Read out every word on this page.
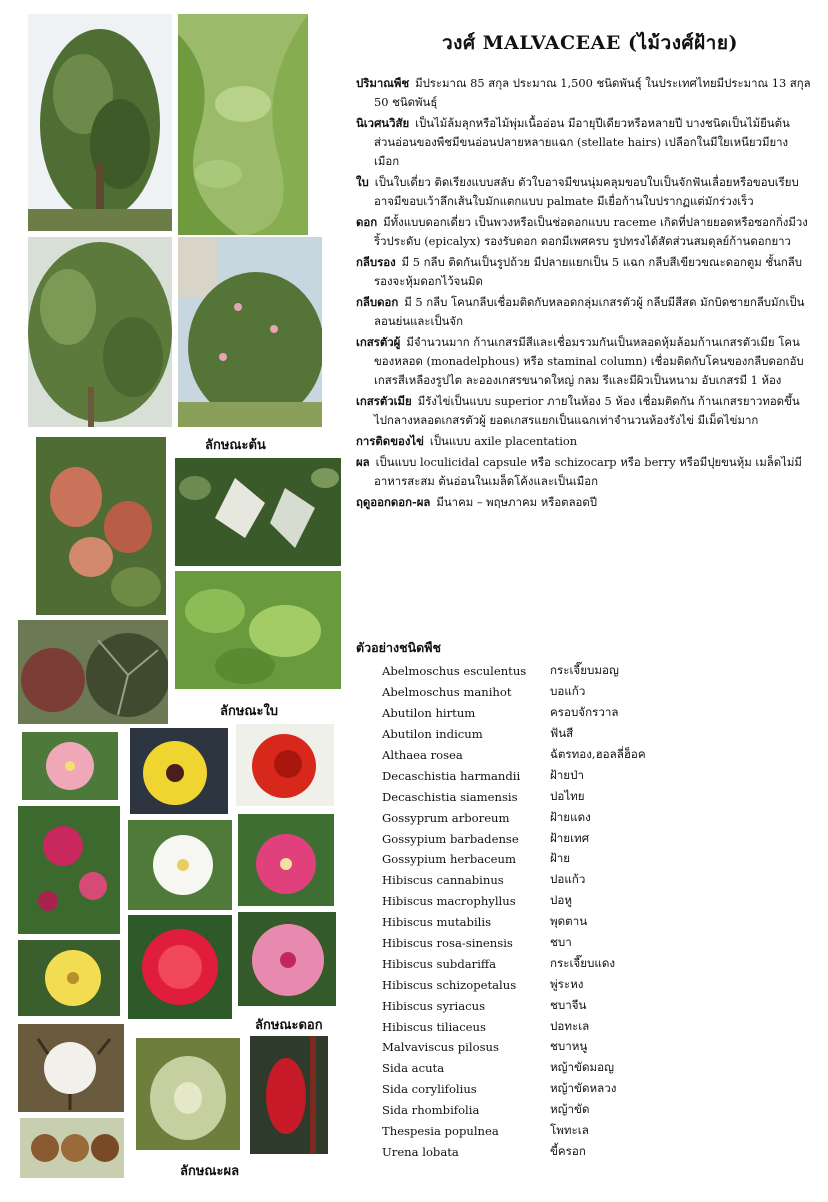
วงศ์ MALVACEAE (ไม้วงศ์ฝ้าย)

ปริมาณพืช มีประมาณ 85 สกุล ประมาณ 1,500 ชนิดพันธุ์ ในประเทศไทยมีประมาณ 13 สกุล 50 ชนิดพันธุ์

นิเวศนวิสัย เป็นไม้ล้มลุกหรือไม้พุ่มเนื้ออ่อน มีอายุปีเดียวหรือหลายปี บางชนิดเป็นไม้ยืนต้น ส่วนอ่อนของพืชมีขนอ่อนปลายหลายแฉก (stellate hairs) เปลือกในมีใยเหนียวมียางเมือก

ใบ เป็นใบเดี่ยว ติดเรียงแบบสลับ ตัวใบอาจมีขนนุ่มคลุมขอบใบเป็นจักฟันเลื่อยหรือขอบเรียบ อาจมีขอบเว้าลึกเส้นใบมักแตกแบบ palmate มีเยื่อก้านใบปรากฏแต่มักร่วงเร็ว

ดอก มีทั้งแบบดอกเดี่ยว เป็นพวงหรือเป็นช่อดอกแบบ raceme เกิดที่ปลายยอดหรือซอกกิ่งมีวงริ้วประดับ (epicalyx) รองรับดอก ดอกมีเพศครบ รูปทรงได้สัดส่วนสมดุลย์ก้านดอกยาว

กลีบรอง มี 5 กลีบ ติดกันเป็นรูปถ้วย มีปลายแยกเป็น 5 แฉก กลีบสีเขียวขณะดอกตูม ชั้นกลีบรองจะหุ้มดอกไว้จนมิด

กลีบดอก มี 5 กลีบ โคนกลีบเชื่อมติดกับหลอดกลุ่มเกสรตัวผู้ กลีบมีสีสด มักบิดชายกลีบมักเป็นลอนย่นและเป็นจัก

เกสรตัวผู้ มีจำนวนมาก ก้านเกสรมีสีและเชื่อมรวมกันเป็นหลอดหุ้มล้อมก้านเกสรตัวเมีย โคนของหลอด (monadelphous) หรือ staminal column) เชื่อมติดกับโคนของกลีบดอกอับเกสรสีเหลืองรูปไต ละอองเกสรขนาดใหญ่ กลม รีและมีผิวเป็นหนาม อับเกสรมี 1 ห้อง

เกสรตัวเมีย มีรังไข่เป็นแบบ superior ภายในห้อง 5 ห้อง เชื่อมติดกัน ก้านเกสรยาวทอดขึ้นไปกลางหลอดเกสรตัวผู้ ยอดเกสรแยกเป็นแฉกเท่าจำนวนห้องรังไข่ มีเม็ดไข่มาก

การติดของไข่ เป็นแบบ axile placentation

ผล เป็นแบบ loculicidal capsule หรือ schizocarp หรือ berry หรือมีปุยขนหุ้ม เมล็ดไม่มีอาหารสะสม ต้นอ่อนในเมล็ดโค้งและเป็นเมือก

ฤดูออกดอก-ผล มีนาคม – พฤษภาคม หรือตลอดปี

ตัวอย่างชนิดพืช
Abelmoschus esculentus	กระเจี๊ยบมอญ
Abelmoschus manihot	บอแก้ว
Abutilon hirtum	ครอบจักรวาล
Abutilon indicum	ฟันสี
Althaea rosea	ฉัตรทอง,ฮอลลี่ฮ็อค
Decaschistia harmandii	ฝ้ายป่า
Decaschistia siamensis	ปอไทย
Gossyprum arboreum	ฝ้ายแดง
Gossypium barbadense	ฝ้ายเทศ
Gossypium herbaceum	ฝ้าย
Hibiscus cannabinus	ปอแก้ว
Hibiscus macrophyllus	ปอหู
Hibiscus mutabilis	พุดตาน
Hibiscus rosa-sinensis	ชบา
Hibiscus subdariffa	กระเจี๊ยบแดง
Hibiscus schizopetalus	พู่ระหง
Hibiscus syriacus	ชบาจีน
Hibiscus tiliaceus	ปอทะเล
Malvaviscus pilosus	ชบาหนู
Sida acuta	หญ้าขัดมอญ
Sida corylifolius	หญ้าขัดหลวง
Sida rhombifolia	หญ้าขัด
Thespesia populnea	โพทะเล
Urena lobata	ขี้ครอก
ลักษณะต้น
ลักษณะใบ
ลักษณะดอก
ลักษณะผล
